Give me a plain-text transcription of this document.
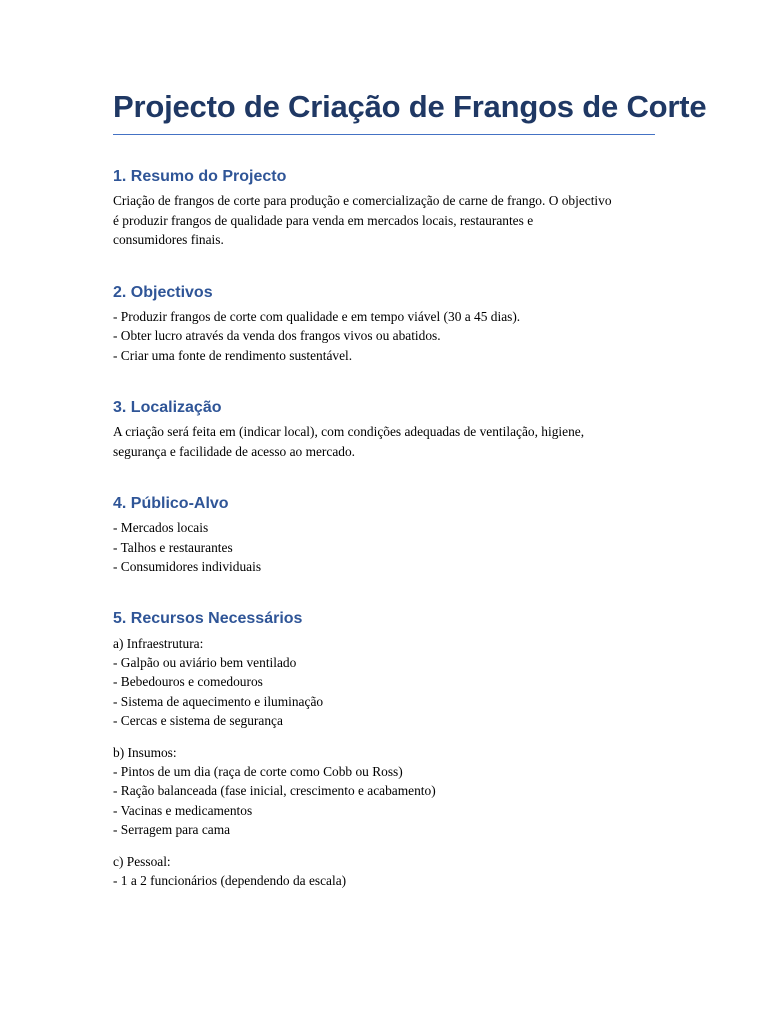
Projecto de Criação de Frangos de Corte
1. Resumo do Projecto

Criação de frangos de corte para produção e comercialização de carne de frango. O objectivo

é produzir frangos de qualidade para venda em mercados locais, restaurantes e

consumidores finais.

2. Objectivos

- Produzir frangos de corte com qualidade e em tempo viável (30 a 45 dias).

- Obter lucro através da venda dos frangos vivos ou abatidos.

- Criar uma fonte de rendimento sustentável.

3. Localização

A criação será feita em (indicar local), com condições adequadas de ventilação, higiene,

segurança e facilidade de acesso ao mercado.

4. Público-Alvo

- Mercados locais

- Talhos e restaurantes

- Consumidores individuais

5. Recursos Necessários

a) Infraestrutura:

- Galpão ou aviário bem ventilado

- Bebedouros e comedouros

- Sistema de aquecimento e iluminação

- Cercas e sistema de segurança

b) Insumos:

- Pintos de um dia (raça de corte como Cobb ou Ross)

- Ração balanceada (fase inicial, crescimento e acabamento)

- Vacinas e medicamentos

- Serragem para cama

c) Pessoal:

- 1 a 2 funcionários (dependendo da escala)
